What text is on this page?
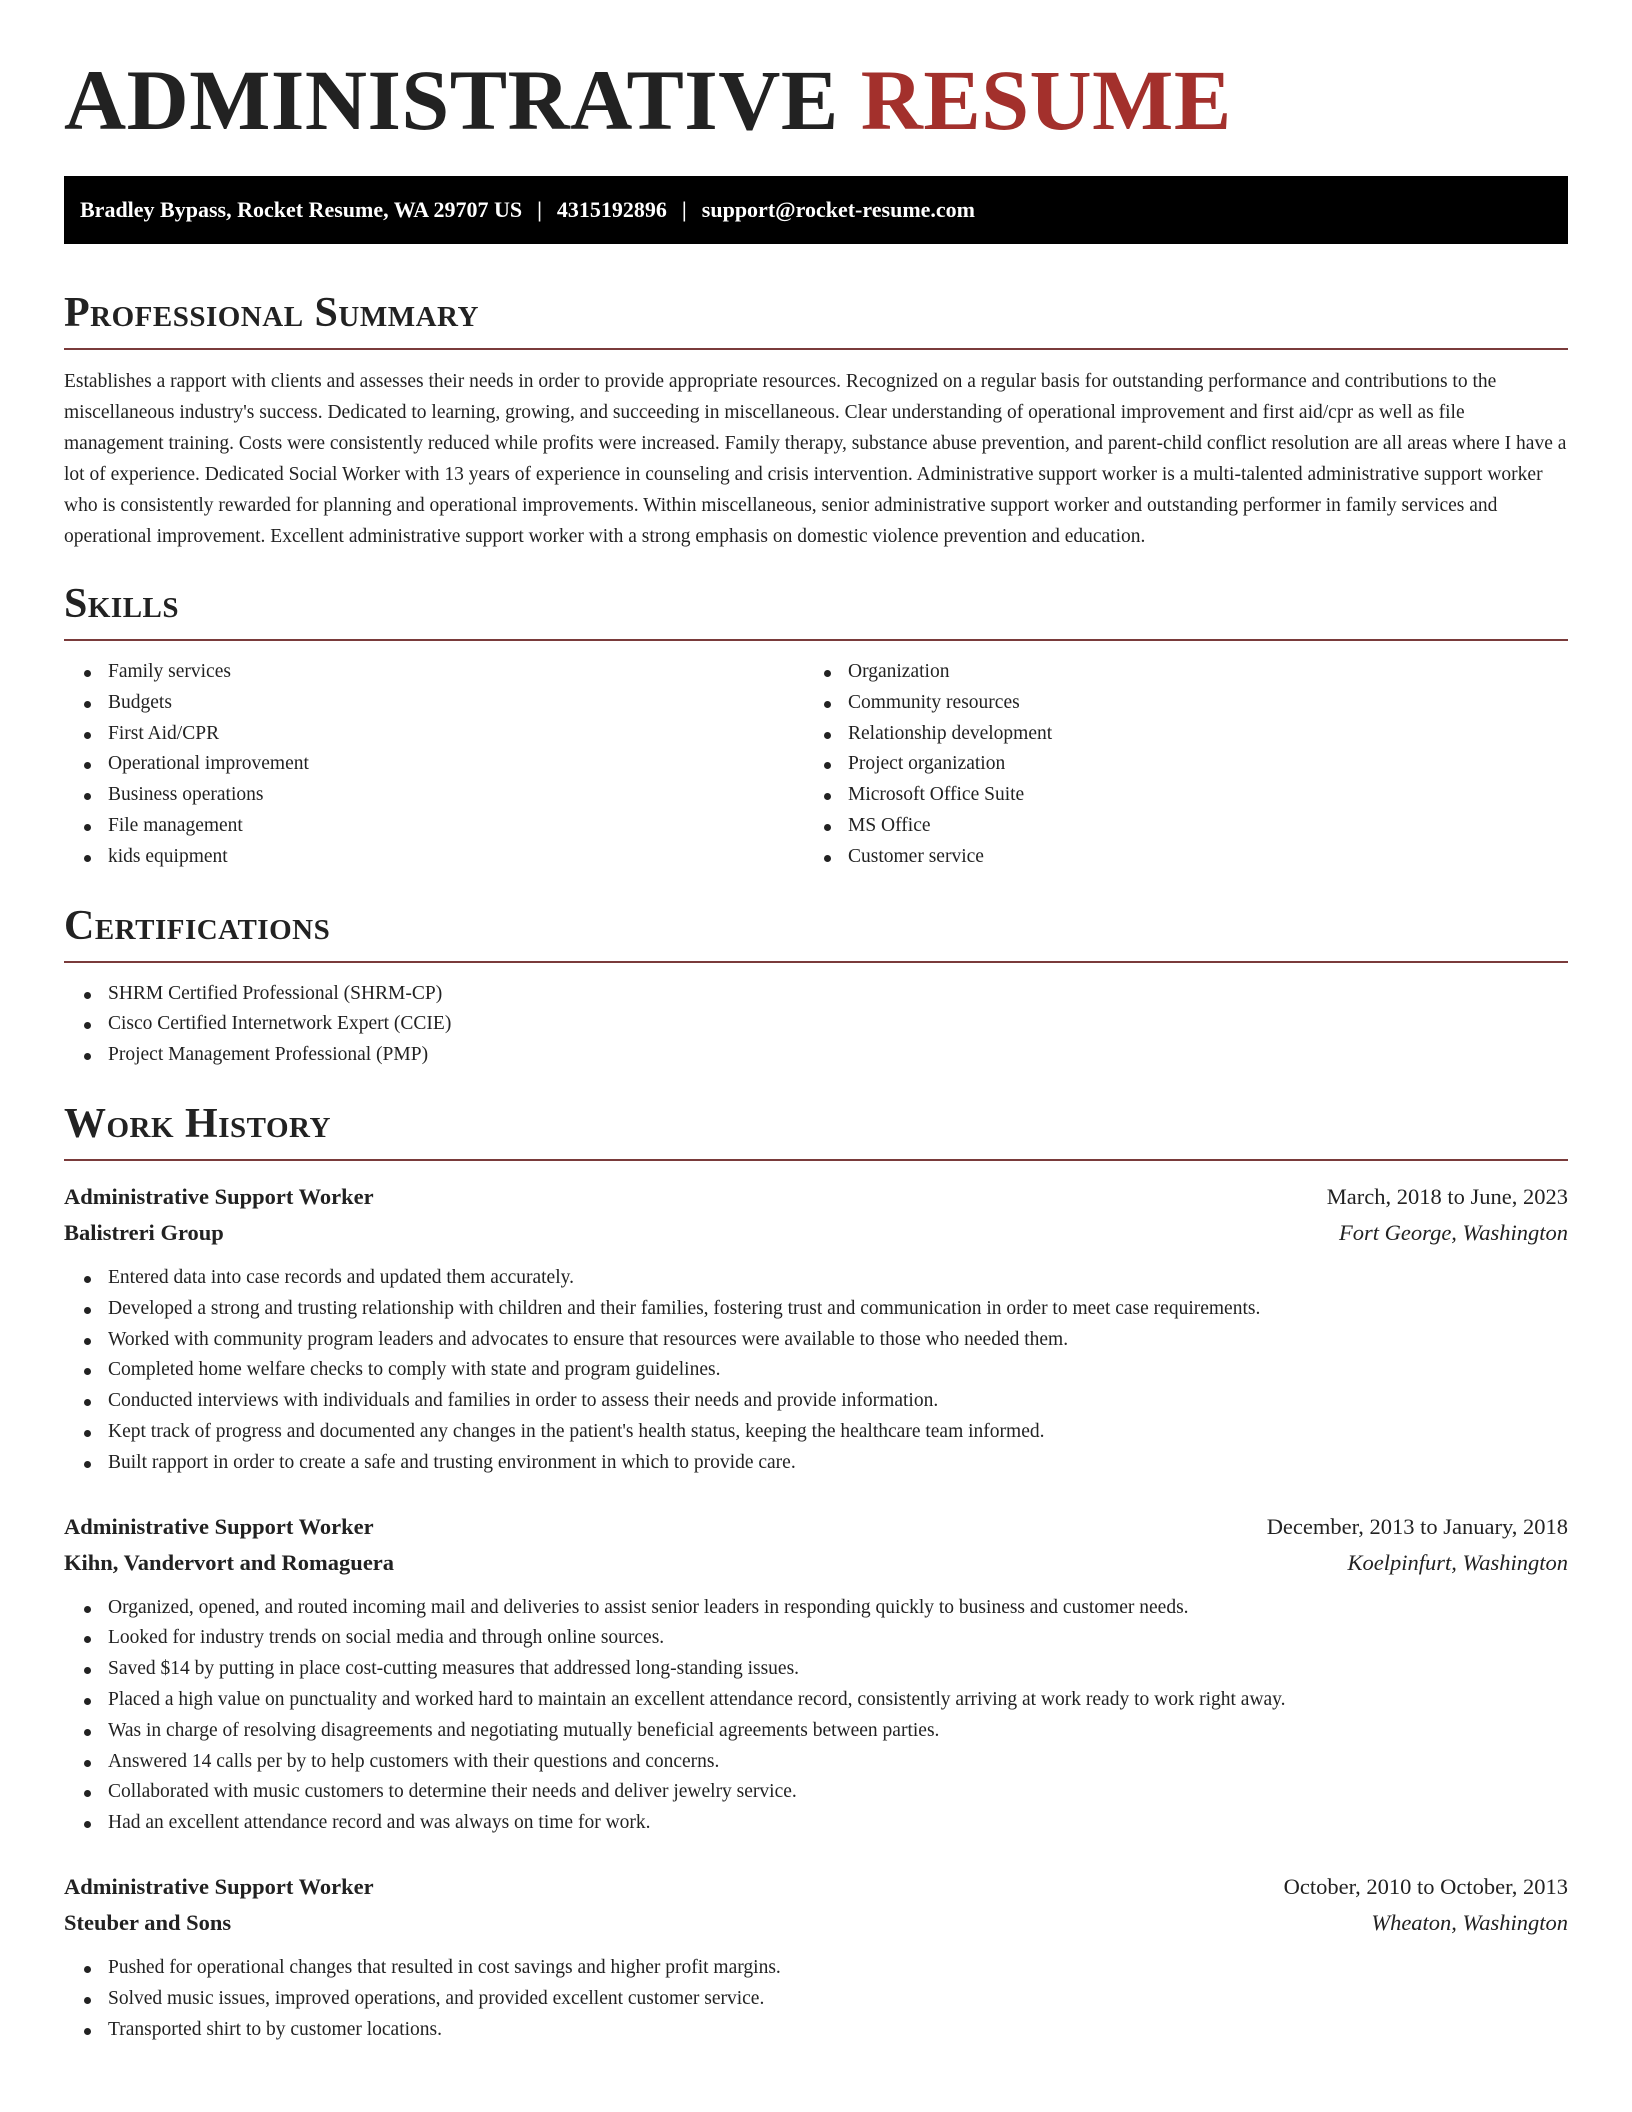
ADMINISTRATIVE RESUME
Bradley Bypass, Rocket Resume, WA 29707 US | 4315192896 | support@rocket-resume.com
Professional Summary

Establishes a rapport with clients and assesses their needs in order to provide appropriate resources. Recognized on a regular basis for outstanding performance and contributions to the miscellaneous industry's success. Dedicated to learning, growing, and succeeding in miscellaneous. Clear understanding of operational improvement and first aid/cpr as well as file management training. Costs were consistently reduced while profits were increased. Family therapy, substance abuse prevention, and parent-child conflict resolution are all areas where I have a lot of experience. Dedicated Social Worker with 13 years of experience in counseling and crisis intervention. Administrative support worker is a multi-talented administrative support worker who is consistently rewarded for planning and operational improvements. Within miscellaneous, senior administrative support worker and outstanding performer in family services and operational improvement. Excellent administrative support worker with a strong emphasis on domestic violence prevention and education.

Skills
Family services
Budgets
First Aid/CPR
Operational improvement
Business operations
File management
kids equipment
Organization
Community resources
Relationship development
Project organization
Microsoft Office Suite
MS Office
Customer service
Certifications
SHRM Certified Professional (SHRM-CP)
Cisco Certified Internetwork Expert (CCIE)
Project Management Professional (PMP)
Work History
Administrative Support Worker	March, 2018 to June, 2023
Balistreri Group	Fort George, Washington
Entered data into case records and updated them accurately.
Developed a strong and trusting relationship with children and their families, fostering trust and communication in order to meet case requirements.
Worked with community program leaders and advocates to ensure that resources were available to those who needed them.
Completed home welfare checks to comply with state and program guidelines.
Conducted interviews with individuals and families in order to assess their needs and provide information.
Kept track of progress and documented any changes in the patient's health status, keeping the healthcare team informed.
Built rapport in order to create a safe and trusting environment in which to provide care.
Administrative Support Worker	December, 2013 to January, 2018
Kihn, Vandervort and Romaguera	Koelpinfurt, Washington
Organized, opened, and routed incoming mail and deliveries to assist senior leaders in responding quickly to business and customer needs.
Looked for industry trends on social media and through online sources.
Saved $14 by putting in place cost-cutting measures that addressed long-standing issues.
Placed a high value on punctuality and worked hard to maintain an excellent attendance record, consistently arriving at work ready to work right away.
Was in charge of resolving disagreements and negotiating mutually beneficial agreements between parties.
Answered 14 calls per by to help customers with their questions and concerns.
Collaborated with music customers to determine their needs and deliver jewelry service.
Had an excellent attendance record and was always on time for work.
Administrative Support Worker	October, 2010 to October, 2013
Steuber and Sons	Wheaton, Washington
Pushed for operational changes that resulted in cost savings and higher profit margins.
Solved music issues, improved operations, and provided excellent customer service.
Transported shirt to by customer locations.
